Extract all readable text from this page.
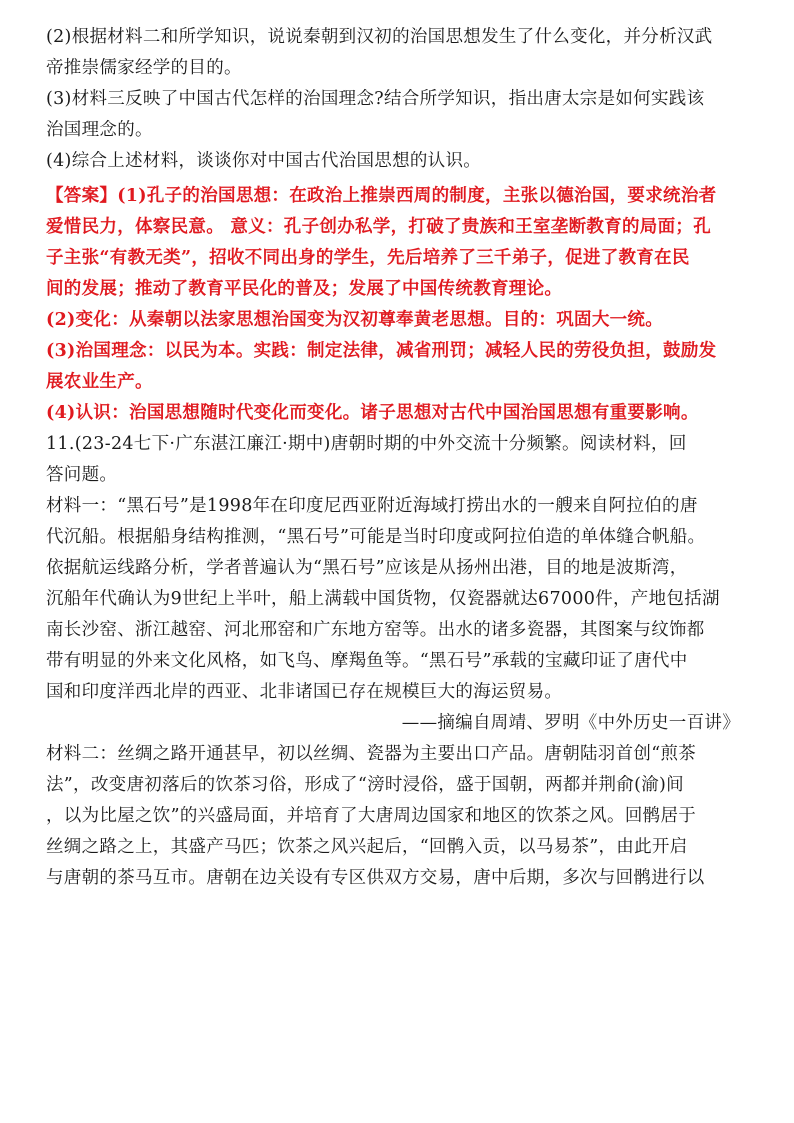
(2)根据材料二和所学知识，说说秦朝到汉初的治国思想发生了什么变化，并分析汉武
帝推崇儒家经学的目的。
(3)材料三反映了中国古代怎样的治国理念?结合所学知识，指出唐太宗是如何实践该
治国理念的。
(4)综合上述材料，谈谈你对中国古代治国思想的认识。
【答案】(1)孔子的治国思想：在政治上推崇西周的制度，主张以德治国，要求统治者
爱惜民力，体察民意。 意义：孔子创办私学，打破了贵族和王室垄断教育的局面；孔
子主张“有教无类”，招收不同出身的学生，先后培养了三千弟子，促进了教育在民
间的发展；推动了教育平民化的普及；发展了中国传统教育理论。
(2)变化：从秦朝以法家思想治国变为汉初尊奉黄老思想。目的：巩固大一统。
(3)治国理念：以民为本。实践：制定法律，减省刑罚；减轻人民的劳役负担，鼓励发
展农业生产。
(4)认识：治国思想随时代变化而变化。诸子思想对古代中国治国思想有重要影响。
11.(23-24七下·广东湛江廉江·期中)唐朝时期的中外交流十分频繁。阅读材料，回
答问题。
材料一：“黑石号”是1998年在印度尼西亚附近海域打捞出水的一艘来自阿拉伯的唐
代沉船。根据船身结构推测，“黑石号”可能是当时印度或阿拉伯造的单体缝合帆船。
依据航运线路分析，学者普遍认为“黑石号”应该是从扬州出港，目的地是波斯湾，
沉船年代确认为9世纪上半叶，船上满载中国货物，仅瓷器就达67000件，产地包括湖
南长沙窑、浙江越窑、河北邢窑和广东地方窑等。出水的诸多瓷器，其图案与纹饰都
带有明显的外来文化风格，如飞鸟、摩羯鱼等。“黑石号”承载的宝藏印证了唐代中
国和印度洋西北岸的西亚、北非诸国已存在规模巨大的海运贸易。
——摘编自周靖、罗明《中外历史一百讲》
材料二：丝绸之路开通甚早，初以丝绸、瓷器为主要出口产品。唐朝陆羽首创“煎茶
法”，改变唐初落后的饮茶习俗，形成了“滂时浸俗，盛于国朝，两都并荆俞(渝)间
，以为比屋之饮”的兴盛局面，并培育了大唐周边国家和地区的饮茶之风。回鹘居于
丝绸之路之上，其盛产马匹；饮茶之风兴起后，“回鹘入贡，以马易茶”，由此开启
与唐朝的茶马互市。唐朝在边关设有专区供双方交易，唐中后期，多次与回鹘进行以
